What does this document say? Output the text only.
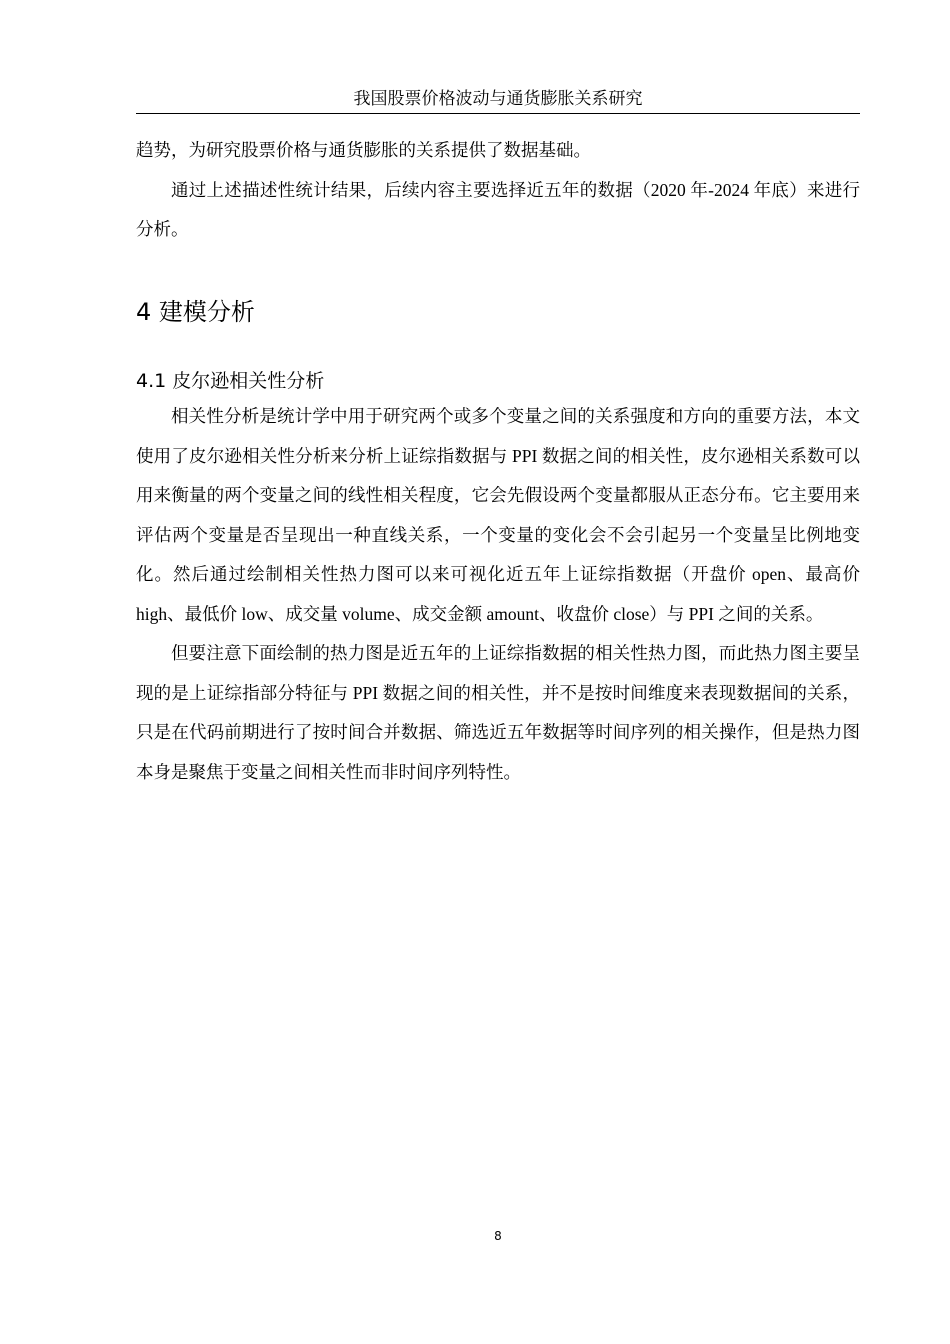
我国股票价格波动与通货膨胀关系研究

趋势，为研究股票价格与通货膨胀的关系提供了数据基础。

通过上述描述性统计结果，后续内容主要选择近五年的数据（2020 年-2024 年底）来进行分析。

4 建模分析
4.1 皮尔逊相关性分析

相关性分析是统计学中用于研究两个或多个变量之间的关系强度和方向的重要方法，本文使用了皮尔逊相关性分析来分析上证综指数据与 PPI 数据之间的相关性，皮尔逊相关系数可以用来衡量的两个变量之间的线性相关程度，它会先假设两个变量都服从正态分布。它主要用来评估两个变量是否呈现出一种直线关系，一个变量的变化会不会引起另一个变量呈比例地变化。然后通过绘制相关性热力图可以来可视化近五年上证综指数据（开盘价 open、最高价 high、最低价 low、成交量 volume、成交金额 amount、收盘价 close）与 PPI 之间的关系。

但要注意下面绘制的热力图是近五年的上证综指数据的相关性热力图，而此热力图主要呈现的是上证综指部分特征与 PPI 数据之间的相关性，并不是按时间维度来表现数据间的关系，只是在代码前期进行了按时间合并数据、筛选近五年数据等时间序列的相关操作，但是热力图本身是聚焦于变量之间相关性而非时间序列特性。

8
